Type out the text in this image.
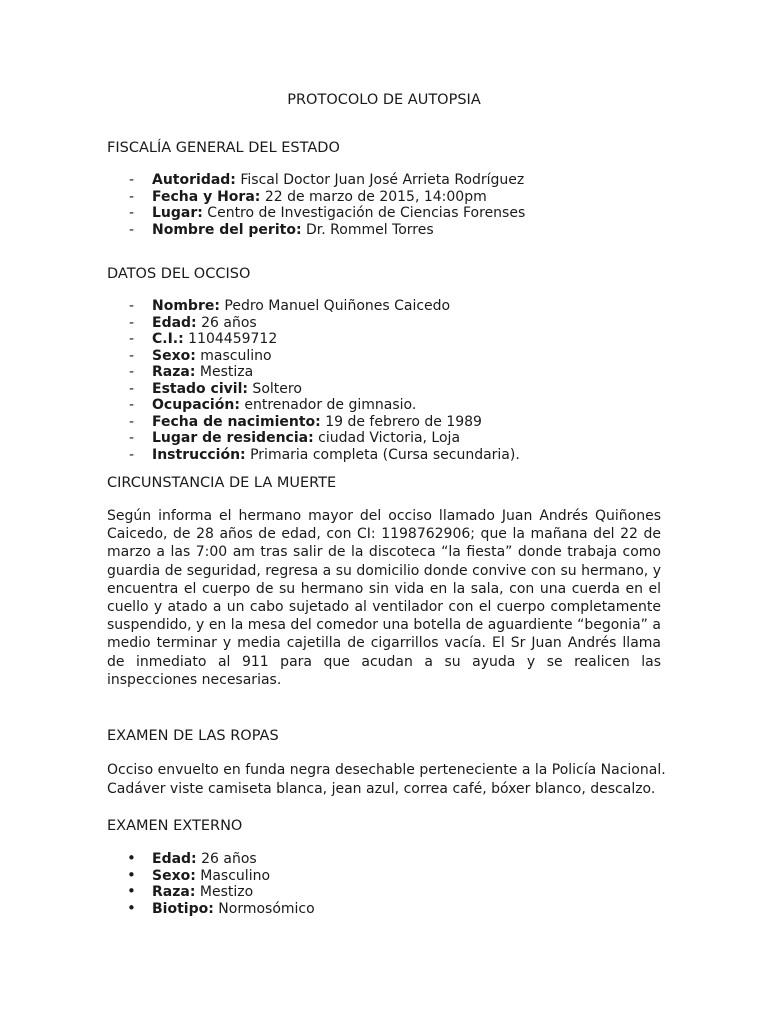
PROTOCOLO DE AUTOPSIA
FISCALÍA GENERAL DEL ESTADO
- Autoridad: Fiscal Doctor Juan José Arrieta Rodríguez
- Fecha y Hora: 22 de marzo de 2015, 14:00pm
- Lugar: Centro de Investigación de Ciencias Forenses
- Nombre del perito: Dr. Rommel Torres
DATOS DEL OCCISO
- Nombre: Pedro Manuel Quiñones Caicedo
- Edad: 26 años
- C.I.: 1104459712
- Sexo: masculino
- Raza: Mestiza
- Estado civil: Soltero
- Ocupación: entrenador de gimnasio.
- Fecha de nacimiento: 19 de febrero de 1989
- Lugar de residencia: ciudad Victoria, Loja
- Instrucción: Primaria completa (Cursa secundaria).
CIRCUNSTANCIA DE LA MUERTE

Según informa el hermano mayor del occiso llamado Juan Andrés Quiñones Caicedo, de 28 años de edad, con CI: 1198762906; que la mañana del 22 de marzo a las 7:00 am tras salir de la discoteca “la fiesta” donde trabaja como guardia de seguridad, regresa a su domicilio donde convive con su hermano, y encuentra el cuerpo de su hermano sin vida en la sala, con una cuerda en el cuello y atado a un cabo sujetado al ventilador con el cuerpo completamente suspendido, y en la mesa del comedor una botella de aguardiente “begonia” a medio terminar y media cajetilla de cigarrillos vacía. El Sr Juan Andrés llama de inmediato al 911 para que acudan a su ayuda y se realicen las inspecciones necesarias.

EXAMEN DE LAS ROPAS

Occiso envuelto en funda negra desechable perteneciente a la Policía Nacional. Cadáver viste camiseta blanca, jean azul, correa café, bóxer blanco, descalzo.

EXAMEN EXTERNO
• Edad: 26 años
• Sexo: Masculino
• Raza: Mestizo
• Biotipo: Normosómico
